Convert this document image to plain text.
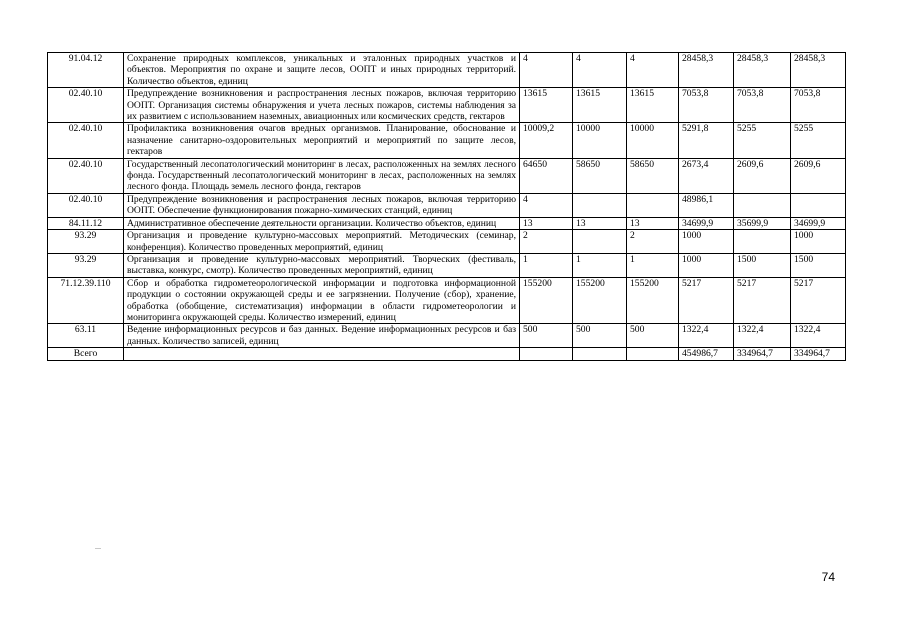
91.04.12	Сохранение природных комплексов, уникальных и эталонных природных участков и объектов. Мероприятия по охране и защите лесов, ООПТ и иных природных территорий. Количество объектов, единиц	4	4	4	28458,3	28458,3	28458,3
02.40.10	Предупреждение возникновения и распространения лесных пожаров, включая территорию ООПТ. Организация системы обнаружения и учета лесных пожаров, системы наблюдения за их развитием с использованием наземных, авиационных или космических средств, гектаров	13615	13615	13615	7053,8	7053,8	7053,8
02.40.10	Профилактика возникновения очагов вредных организмов. Планирование, обоснование и назначение санитарно-оздоровительных мероприятий и мероприятий по защите лесов, гектаров	10009,2	10000	10000	5291,8	5255	5255
02.40.10	Государственный лесопатологический мониторинг в лесах, расположенных на землях лесного фонда. Государственный лесопатологический мониторинг в лесах, расположенных на землях лесного фонда. Площадь земель лесного фонда, гектаров	64650	58650	58650	2673,4	2609,6	2609,6
02.40.10	Предупреждение возникновения и распространения лесных пожаров, включая территорию ООПТ. Обеспечение функционирования пожарно-химических станций, единиц	4			48986,1		
84.11.12	Административное обеспечение деятельности организации. Количество объектов, единиц	13	13	13	34699,9	35699,9	34699,9
93.29	Организация и проведение культурно-массовых мероприятий. Методических (семинар, конференция). Количество проведенных мероприятий, единиц	2		2	1000		1000
93.29	Организация и проведение культурно-массовых мероприятий. Творческих (фестиваль, выставка, конкурс, смотр). Количество проведенных мероприятий, единиц	1	1	1	1000	1500	1500
71.12.39.110	Сбор и обработка гидрометеорологической информации и подготовка информационной продукции о состоянии окружающей среды и ее загрязнении. Получение (сбор), хранение, обработка (обобщение, систематизация) информации в области гидрометеорологии и мониторинга окружающей среды. Количество измерений, единиц	155200	155200	155200	5217	5217	5217
63.11	Ведение информационных ресурсов и баз данных. Ведение информационных ресурсов и баз данных. Количество записей, единиц	500	500	500	1322,4	1322,4	1322,4
Всего					454986,7	334964,7	334964,7
74
